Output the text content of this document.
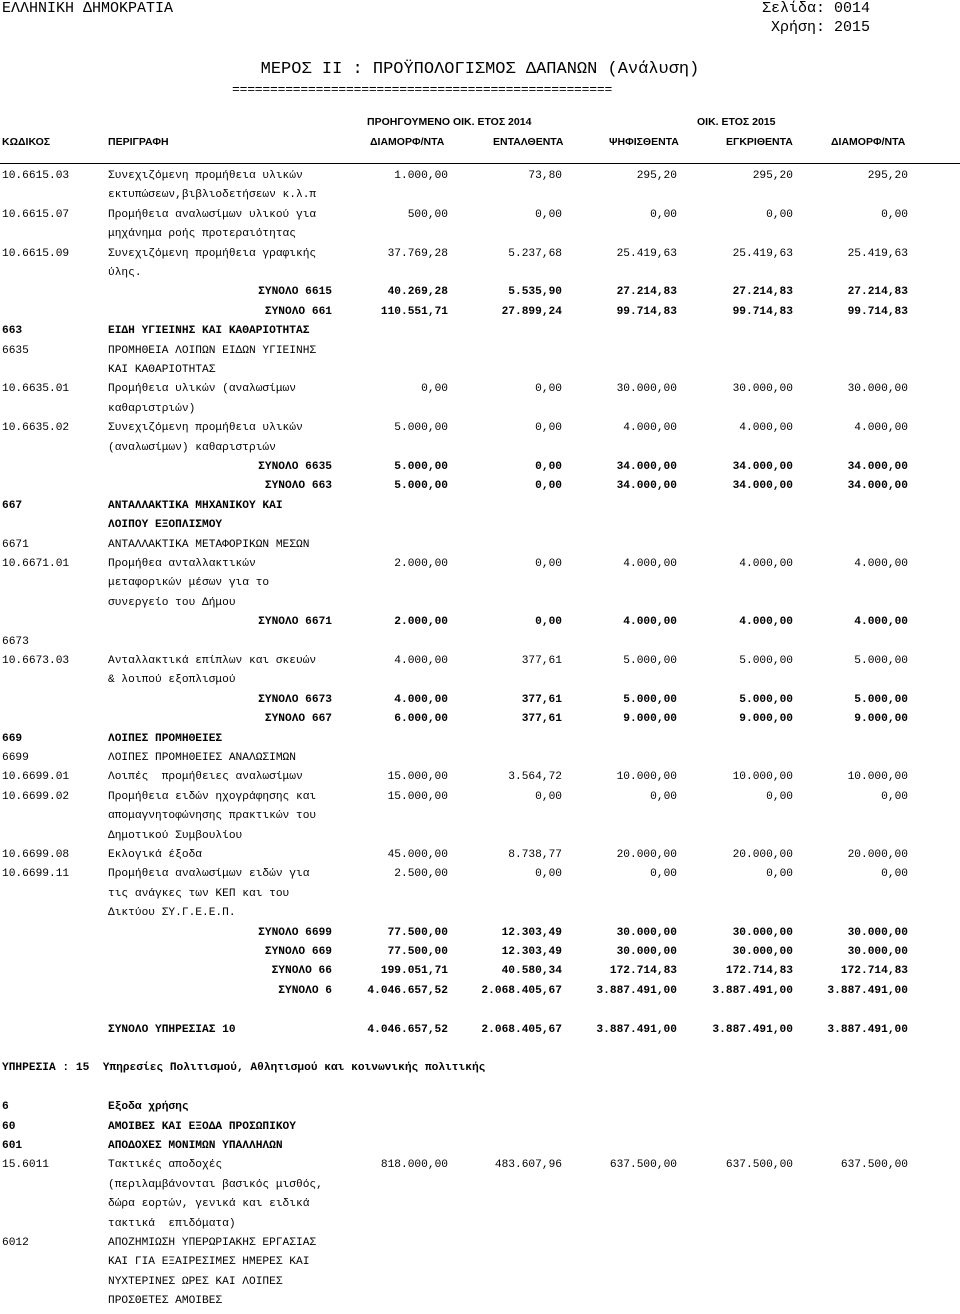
ΕΛΛΗΝΙΚΗ ΔΗΜΟΚΡΑΤΙΑ	Σελίδα: 0014
Χρήση: 2015
ΜΕΡΟΣ ΙΙ : ΠΡΟΫΠΟΛΟΓΙΣΜΟΣ ΔΑΠΑΝΩΝ (Ανάλυση)
==================================================
ΠΡΟΗΓΟΥΜΕΝΟ ΟΙΚ. ΕΤΟΣ 2014	ΟΙΚ. ΕΤΟΣ 2015
ΚΩΔΙΚΟΣ	ΠΕΡΙΓΡΑΦΗ	ΔΙΑΜΟΡΦ/ΝΤΑ	ΕΝΤΑΛΘΕΝΤΑ	ΨΗΦΙΣΘΕΝΤΑ	ΕΓΚΡΙΘΕΝΤΑ	ΔΙΑΜΟΡΦ/ΝΤΑ
10.6615.03	Συνεχιζόμενη προμήθεια υλικών	1.000,00	73,80	295,20	295,20	295,20
εκτυπώσεων,βιβλιοδετήσεων κ.λ.π
10.6615.07	Προμήθεια αναλωσίμων υλικού για	500,00	0,00	0,00	0,00	0,00
μηχάνημα ροής προτεραιότητας
10.6615.09	Συνεχιζόμενη προμήθεια γραφικής	37.769,28	5.237,68	25.419,63	25.419,63	25.419,63
ύλης.
ΣΥΝΟΛΟ 6615	40.269,28	5.535,90	27.214,83	27.214,83	27.214,83
ΣΥΝΟΛΟ 661	110.551,71	27.899,24	99.714,83	99.714,83	99.714,83
663	ΕΙΔΗ ΥΓΙΕΙΝΗΣ ΚΑΙ ΚΑΘΑΡΙΟΤΗΤΑΣ
6635	ΠΡΟΜΗΘΕΙΑ ΛΟΙΠΩΝ ΕΙΔΩΝ ΥΓΙΕΙΝΗΣ
ΚΑΙ ΚΑΘΑΡΙΟΤΗΤΑΣ
10.6635.01	Προμήθεια υλικών (αναλωσίμων	0,00	0,00	30.000,00	30.000,00	30.000,00
καθαριστριών)
10.6635.02	Συνεχιζόμενη προμήθεια υλικών	5.000,00	0,00	4.000,00	4.000,00	4.000,00
(αναλωσίμων) καθαριστριών
ΣΥΝΟΛΟ 6635	5.000,00	0,00	34.000,00	34.000,00	34.000,00
ΣΥΝΟΛΟ 663	5.000,00	0,00	34.000,00	34.000,00	34.000,00
667	ΑΝΤΑΛΛΑΚΤΙΚΑ ΜΗΧΑΝΙΚΟΥ ΚΑΙ
ΛΟΙΠΟΥ ΕΞΟΠΛΙΣΜΟΥ
6671	ΑΝΤΑΛΛΑΚΤΙΚΑ ΜΕΤΑΦΟΡΙΚΩΝ ΜΕΣΩΝ
10.6671.01	Προμήθεα ανταλλακτικών	2.000,00	0,00	4.000,00	4.000,00	4.000,00
μεταφορικών μέσων για το
συνεργείο του Δήμου
ΣΥΝΟΛΟ 6671	2.000,00	0,00	4.000,00	4.000,00	4.000,00
6673
10.6673.03	Ανταλλακτικά επίπλων και σκευών	4.000,00	377,61	5.000,00	5.000,00	5.000,00
& λοιπού εξοπλισμού
ΣΥΝΟΛΟ 6673	4.000,00	377,61	5.000,00	5.000,00	5.000,00
ΣΥΝΟΛΟ 667	6.000,00	377,61	9.000,00	9.000,00	9.000,00
669	ΛΟΙΠΕΣ ΠΡΟΜΗΘΕΙΕΣ
6699	ΛΟΙΠΕΣ ΠΡΟΜΗΘΕΙΕΣ ΑΝΑΛΩΣΙΜΩΝ
10.6699.01	Λοιπές  προμήθειες αναλωσίμων	15.000,00	3.564,72	10.000,00	10.000,00	10.000,00
10.6699.02	Προμήθεια ειδών ηχογράφησης και	15.000,00	0,00	0,00	0,00	0,00
απομαγνητοφώνησης πρακτικών του
Δημοτικού Συμβουλίου
10.6699.08	Εκλογικά έξοδα	45.000,00	8.738,77	20.000,00	20.000,00	20.000,00
10.6699.11	Προμήθεια αναλωσίμων ειδών για	2.500,00	0,00	0,00	0,00	0,00
τις ανάγκες των ΚΕΠ και του
Δικτύου ΣΥ.Γ.Ε.Ε.Π.
ΣΥΝΟΛΟ 6699	77.500,00	12.303,49	30.000,00	30.000,00	30.000,00
ΣΥΝΟΛΟ 669	77.500,00	12.303,49	30.000,00	30.000,00	30.000,00
ΣΥΝΟΛΟ 66	199.051,71	40.580,34	172.714,83	172.714,83	172.714,83
ΣΥΝΟΛΟ 6	4.046.657,52	2.068.405,67	3.887.491,00	3.887.491,00	3.887.491,00
ΣΥΝΟΛΟ ΥΠΗΡΕΣΙΑΣ 10	4.046.657,52	2.068.405,67	3.887.491,00	3.887.491,00	3.887.491,00
ΥΠΗΡΕΣΙΑ : 15  Υπηρεσίες Πολιτισμού, Αθλητισμού και κοινωνικής πολιτικής
6	Εξοδα χρήσης
60	ΑΜΟΙΒΕΣ ΚΑΙ ΕΞΟΔΑ ΠΡΟΣΩΠΙΚΟΥ
601	ΑΠΟΔΟΧΕΣ ΜΟΝΙΜΩΝ ΥΠΑΛΛΗΛΩΝ
15.6011	Τακτικές αποδοχές	818.000,00	483.607,96	637.500,00	637.500,00	637.500,00
(περιλαμβάνονται βασικός μισθός,
δώρα εορτών, γενικά και ειδικά
τακτικά  επιδόματα)
6012	ΑΠΟΖΗΜΙΩΣΗ ΥΠΕΡΩΡΙΑΚΗΣ ΕΡΓΑΣΙΑΣ
ΚΑΙ ΓΙΑ ΕΞΑΙΡΕΣΙΜΕΣ ΗΜΕΡΕΣ ΚΑΙ
ΝΥΧΤΕΡΙΝΕΣ ΩΡΕΣ ΚΑΙ ΛΟΙΠΕΣ
ΠΡΟΣΘΕΤΕΣ ΑΜΟΙΒΕΣ
